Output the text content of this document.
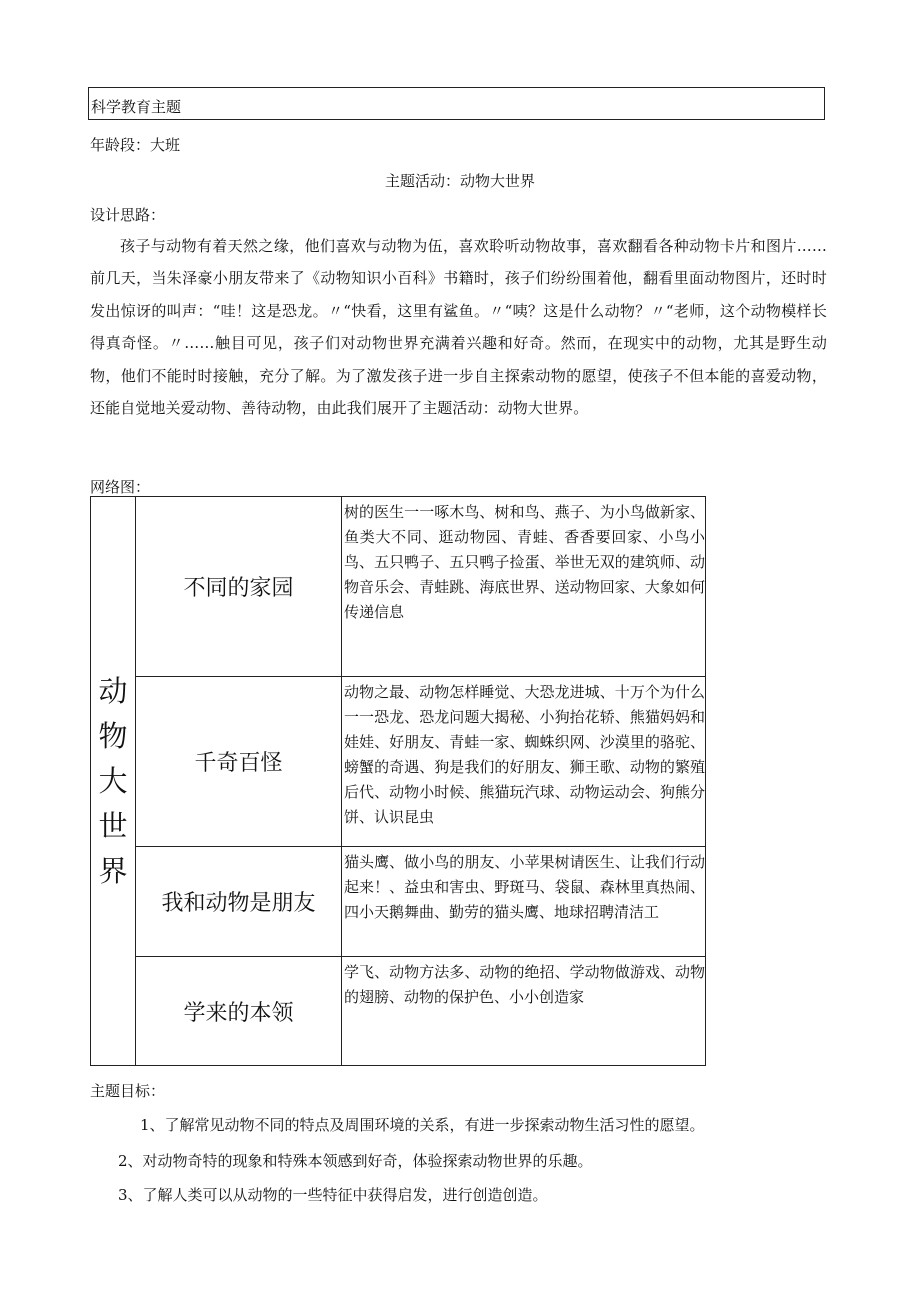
科学教育主题
年龄段：大班
主题活动：动物大世界
设计思路：
孩子与动物有着天然之缘，他们喜欢与动物为伍，喜欢聆听动物故事，喜欢翻看各种动物卡片和图片……前几天，当朱泽豪小朋友带来了《动物知识小百科》书籍时，孩子们纷纷围着他，翻看里面动物图片，还时时发出惊讶的叫声：“哇！这是恐龙。〃“快看，这里有鲨鱼。〃“咦？这是什么动物？〃“老师，这个动物模样长得真奇怪。〃……触目可见，孩子们对动物世界充满着兴趣和好奇。然而，在现实中的动物，尤其是野生动物，他们不能时时接触，充分了解。为了激发孩子进一步自主探索动物的愿望，使孩子不但本能的喜爱动物，还能自觉地关爱动物、善待动物，由此我们展开了主题活动：动物大世界。
网络图：
动物大世界	不同的家园	树的医生一一啄木鸟、树和鸟、燕子、为小鸟做新家、鱼类大不同、逛动物园、青蛙、香香要回家、小鸟小鸟、五只鸭子、五只鸭子捡蛋、举世无双的建筑师、动物音乐会、青蛙跳、海底世界、送动物回家、大象如何传递信息
	千奇百怪	动物之最、动物怎样睡觉、大恐龙进城、十万个为什么一一恐龙、恐龙问题大揭秘、小狗抬花轿、熊猫妈妈和娃娃、好朋友、青蛙一家、蜘蛛织网、沙漠里的骆驼、螃蟹的奇遇、狗是我们的好朋友、狮王歌、动物的繁殖后代、动物小时候、熊猫玩汽球、动物运动会、狗熊分饼、认识昆虫
	我和动物是朋友	猫头鹰、做小鸟的朋友、小苹果树请医生、让我们行动起来！、益虫和害虫、野斑马、袋鼠、森林里真热闹、四小天鹅舞曲、勤劳的猫头鹰、地球招聘清洁工
	学来的本领	学飞、动物方法多、动物的绝招、学动物做游戏、动物的翅膀、动物的保护色、小小创造家
主题目标：
1、了解常见动物不同的特点及周围环境的关系，有进一步探索动物生活习性的愿望。
2、对动物奇特的现象和特殊本领感到好奇，体验探索动物世界的乐趣。
3、了解人类可以从动物的一些特征中获得启发，进行创造创造。
